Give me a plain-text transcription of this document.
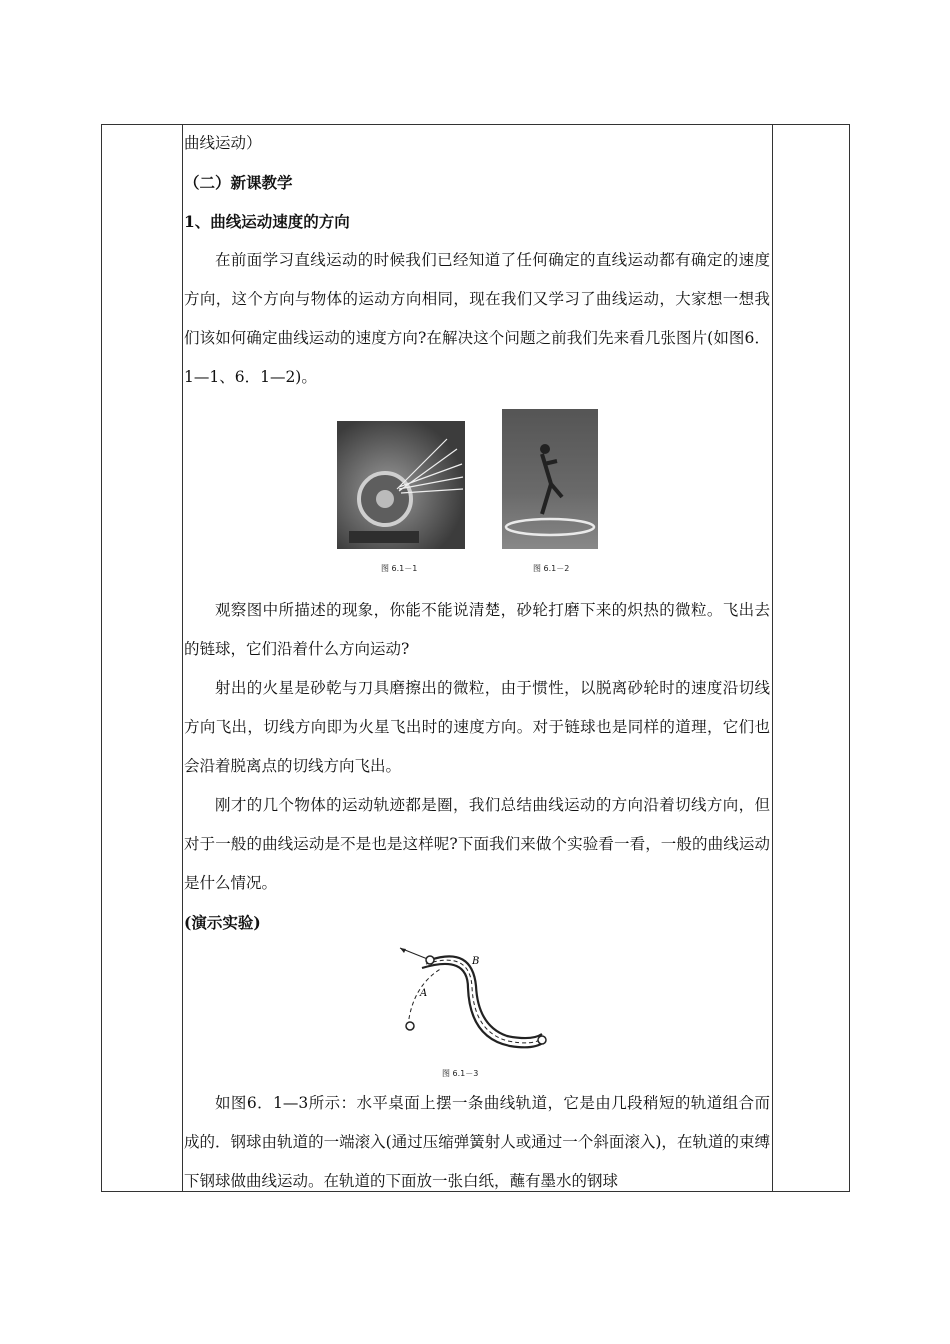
曲线运动）

（二）新课教学

1、曲线运动速度的方向

在前面学习直线运动的时候我们已经知道了任何确定的直线运动都有确定的速度方向，这个方向与物体的运动方向相同，现在我们又学习了曲线运动，大家想一想我们该如何确定曲线运动的速度方向?在解决这个问题之前我们先来看几张图片(如图6．1—1、6．1—2)。

图 6.1－1	图 6.1－2

观察图中所描述的现象，你能不能说清楚，砂轮打磨下来的炽热的微粒。飞出去的链球，它们沿着什么方向运动?

射出的火星是砂乾与刀具磨擦出的微粒，由于惯性，以脱离砂轮时的速度沿切线方向飞出，切线方向即为火星飞出时的速度方向。对于链球也是同样的道理，它们也会沿着脱离点的切线方向飞出。

刚才的几个物体的运动轨迹都是圈，我们总结曲线运动的方向沿着切线方向，但对于一般的曲线运动是不是也是这样呢?下面我们来做个实验看一看，一般的曲线运动是什么情况。

(演示实验)

B
A
图 6.1－3

如图6．1—3所示：水平桌面上摆一条曲线轨道，它是由几段稍短的轨道组合而成的．钢球由轨道的一端滚入(通过压缩弹簧射人或通过一个斜面滚入)，在轨道的束缚下钢球做曲线运动。在轨道的下面放一张白纸，蘸有墨水的钢球
